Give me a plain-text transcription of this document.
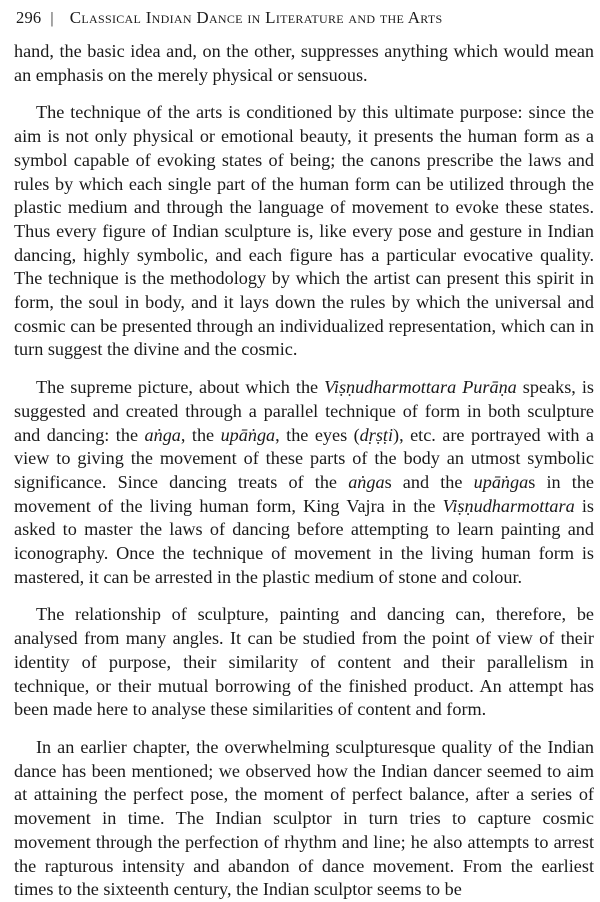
296 | Classical Indian Dance in Literature and the Arts

hand, the basic idea and, on the other, suppresses anything which would mean an emphasis on the merely physical or sensuous.

The technique of the arts is conditioned by this ultimate purpose: since the aim is not only physical or emotional beauty, it presents the human form as a symbol capable of evoking states of being; the canons prescribe the laws and rules by which each single part of the human form can be utilized through the plastic medium and through the language of movement to evoke these states. Thus every figure of Indian sculpture is, like every pose and gesture in Indian dancing, highly symbolic, and each figure has a particular evocative quality. The technique is the methodology by which the artist can present this spirit in form, the soul in body, and it lays down the rules by which the universal and cosmic can be presented through an individualized representation, which can in turn suggest the divine and the cosmic.

The supreme picture, about which the Viṣṇudharmottara Purāṇa speaks, is suggested and created through a parallel technique of form in both sculpture and dancing: the aṅga, the upāṅga, the eyes (dṛṣṭi), etc. are portrayed with a view to giving the movement of these parts of the body an utmost symbolic significance. Since dancing treats of the aṅgas and the upāṅgas in the movement of the living human form, King Vajra in the Viṣṇudharmottara is asked to master the laws of dancing before attempting to learn painting and iconography. Once the technique of movement in the living human form is mastered, it can be arrested in the plastic medium of stone and colour.

The relationship of sculpture, painting and dancing can, therefore, be analysed from many angles. It can be studied from the point of view of their identity of purpose, their similarity of content and their parallelism in technique, or their mutual borrowing of the finished product. An attempt has been made here to analyse these similarities of content and form.

In an earlier chapter, the overwhelming sculpturesque quality of the Indian dance has been mentioned; we observed how the Indian dancer seemed to aim at attaining the perfect pose, the moment of perfect balance, after a series of movement in time. The Indian sculptor in turn tries to capture cosmic movement through the perfection of rhythm and line; he also attempts to arrest the rapturous intensity and abandon of dance movement. From the earliest times to the sixteenth century, the Indian sculptor seems to be
